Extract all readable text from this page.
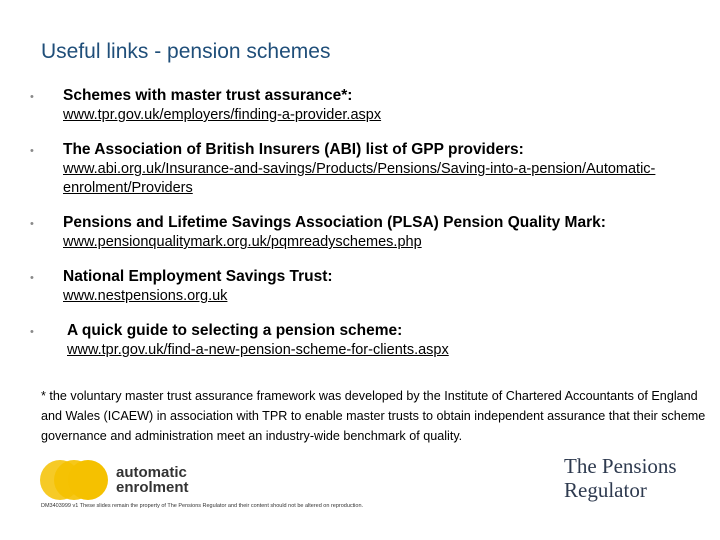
Useful links - pension schemes
• Schemes with master trust assurance*:
www.tpr.gov.uk/employers/finding-a-provider.aspx
• The Association of British Insurers (ABI) list of GPP providers:
www.abi.org.uk/Insurance-and-savings/Products/Pensions/Saving-into-a-pension/Automatic-enrolment/Providers
• Pensions and Lifetime Savings Association (PLSA) Pension Quality Mark:
www.pensionqualitymark.org.uk/pqmreadyschemes.php
• National Employment Savings Trust:
www.nestpensions.org.uk
• A quick guide to selecting a pension scheme:
www.tpr.gov.uk/find-a-new-pension-scheme-for-clients.aspx
* the voluntary master trust assurance framework was developed by the Institute of Chartered Accountants of England and Wales (ICAEW) in association with TPR to enable master trusts to obtain independent assurance that their scheme governance and administration meet an industry-wide benchmark of quality.
automatic
enrolment
The Pensions
Regulator
DM3403999 v1 These slides remain the property of The Pensions Regulator and their content should not be altered on reproduction.
